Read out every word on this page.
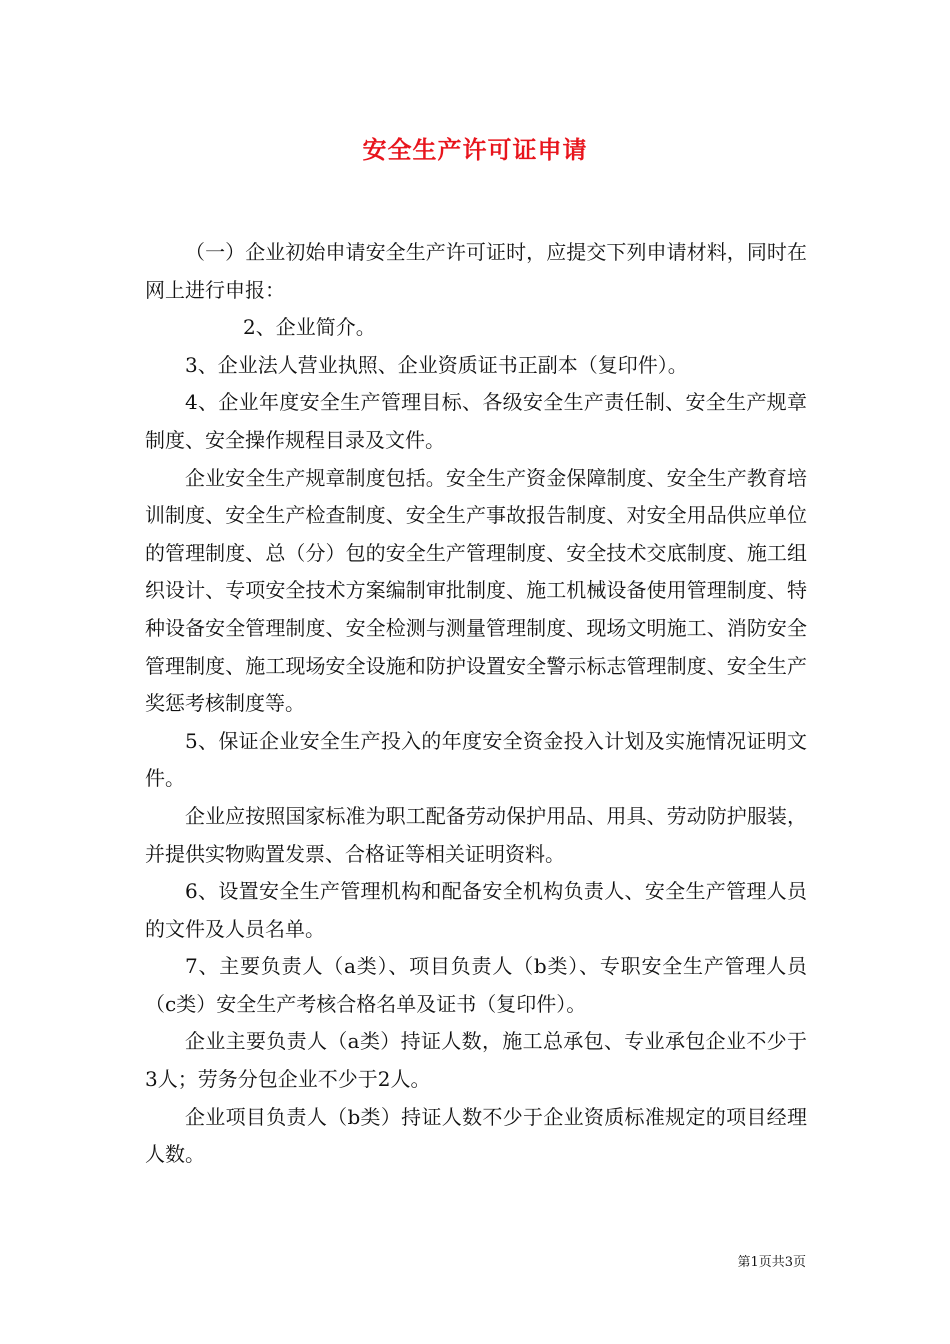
安全生产许可证申请

（一）企业初始申请安全生产许可证时，应提交下列申请材料，同时在网上进行申报：

2、企业简介。

3、企业法人营业执照、企业资质证书正副本（复印件）。

4、企业年度安全生产管理目标、各级安全生产责任制、安全生产规章制度、安全操作规程目录及文件。

企业安全生产规章制度包括。安全生产资金保障制度、安全生产教育培训制度、安全生产检查制度、安全生产事故报告制度、对安全用品供应单位的管理制度、总（分）包的安全生产管理制度、安全技术交底制度、施工组织设计、专项安全技术方案编制审批制度、施工机械设备使用管理制度、特种设备安全管理制度、安全检测与测量管理制度、现场文明施工、消防安全管理制度、施工现场安全设施和防护设置安全警示标志管理制度、安全生产奖惩考核制度等。

5、保证企业安全生产投入的年度安全资金投入计划及实施情况证明文件。

企业应按照国家标准为职工配备劳动保护用品、用具、劳动防护服装，并提供实物购置发票、合格证等相关证明资料。

6、设置安全生产管理机构和配备安全机构负责人、安全生产管理人员的文件及人员名单。

7、主要负责人（a类）、项目负责人（b类）、专职安全生产管理人员（c类）安全生产考核合格名单及证书（复印件）。

企业主要负责人（a类）持证人数，施工总承包、专业承包企业不少于3人；劳务分包企业不少于2人。

企业项目负责人（b类）持证人数不少于企业资质标准规定的项目经理人数。

第1页共3页
